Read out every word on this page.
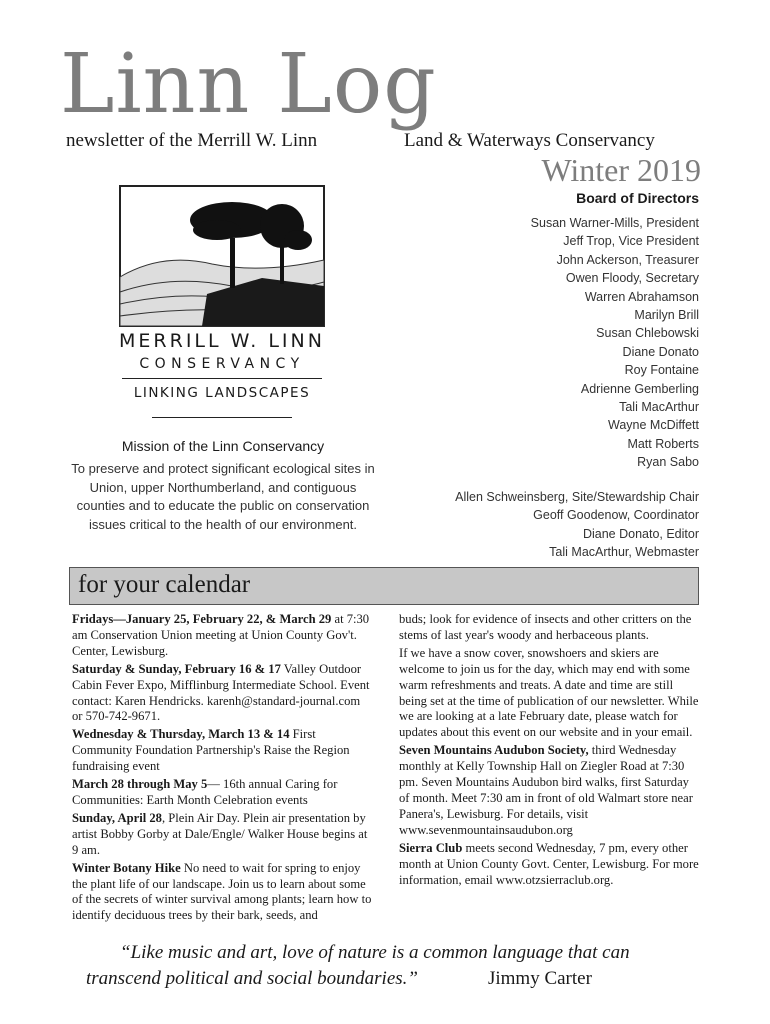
Linn Log
newsletter of the Merrill W. Linn	Land & Waterways Conservancy
Winter 2019
MERRILL W. LINN
CONSERVANCY
LINKING LANDSCAPES
Mission of the Linn Conservancy

To preserve and protect significant ecological sites in Union, upper Northumberland, and contiguous counties and to educate the public on conservation issues critical to the health of our environment.

Board of Directors
Susan Warner-Mills, President
Jeff Trop, Vice President
John Ackerson, Treasurer
Owen Floody, Secretary
Warren Abrahamson
Marilyn Brill
Susan Chlebowski
Diane Donato
Roy Fontaine
Adrienne Gemberling
Tali MacArthur
Wayne McDiffett
Matt Roberts
Ryan Sabo
Allen Schweinsberg, Site/Stewardship Chair
Geoff Goodenow, Coordinator
Diane Donato, Editor
Tali MacArthur, Webmaster
for your calendar

Fridays—January 25, February 22, & March 29 at 7:30 am Conservation Union meeting at Union County Gov't. Center, Lewisburg.

Saturday & Sunday, February 16 & 17 Valley Outdoor Cabin Fever Expo, Mifflinburg Intermediate School. Event contact: Karen Hendricks. karenh@standard-journal.com or 570-742-9671.

Wednesday & Thursday, March 13 & 14 First Community Foundation Partnership's Raise the Region fundraising event

March 28 through May 5— 16th annual Caring for Communities: Earth Month Celebration events

Sunday, April 28, Plein Air Day. Plein air presentation by artist Bobby Gorby at Dale/Engle/ Walker House begins at 9 am.

Winter Botany Hike No need to wait for spring to enjoy the plant life of our landscape. Join us to learn about some of the secrets of winter survival among plants; learn how to identify deciduous trees by their bark, seeds, and

buds; look for evidence of insects and other critters on the stems of last year's woody and herbaceous plants.

If we have a snow cover, snowshoers and skiers are welcome to join us for the day, which may end with some warm refreshments and treats. A date and time are still being set at the time of publication of our newsletter. While we are looking at a late February date, please watch for updates about this event on our website and in your email.

Seven Mountains Audubon Society, third Wednesday monthly at Kelly Township Hall on Ziegler Road at 7:30 pm. Seven Mountains Audubon bird walks, first Saturday of month. Meet 7:30 am in front of old Walmart store near Panera's, Lewisburg. For details, visit www.sevenmountainsaudubon.org

Sierra Club meets second Wednesday, 7 pm, every other month at Union County Govt. Center, Lewisburg. For more information, email www.otzsierraclub.org.

“Like music and art, love of nature is a common language that can
transcend political and social boundaries.”	Jimmy Carter
